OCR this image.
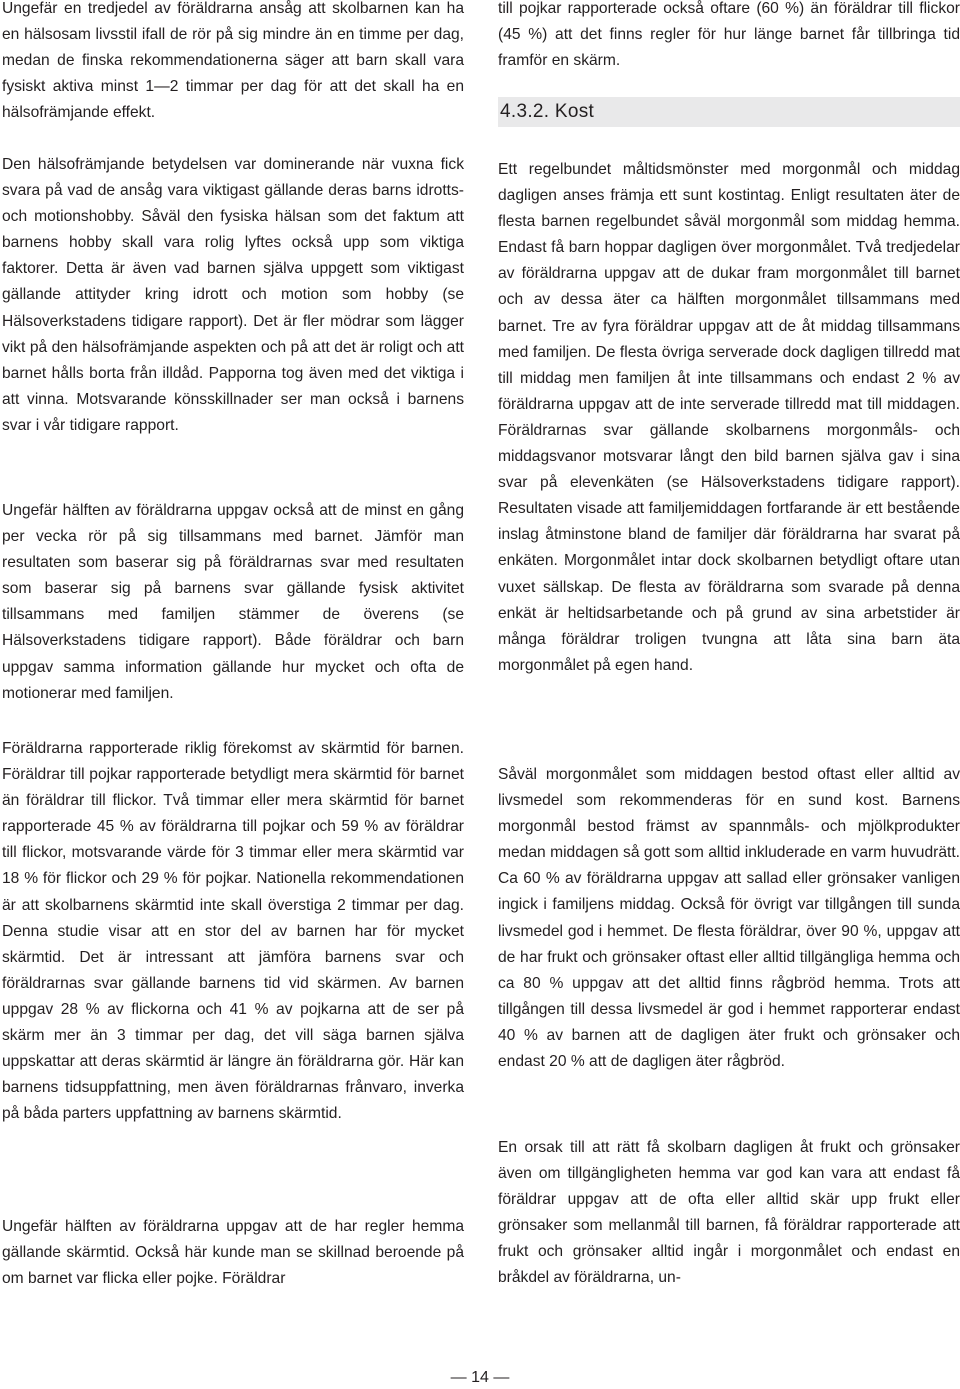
Ungefär en tredjedel av föräldrarna ansåg att skolbarnen kan ha en hälsosam livsstil ifall de rör på sig mindre än en timme per dag, medan de finska rekommendationerna säger att barn skall vara fysiskt aktiva minst 1—2 timmar per dag för att det skall ha en hälsofrämjande effekt.

Den hälsofrämjande betydelsen var dominerande när vuxna fick svara på vad de ansåg vara viktigast gällande deras barns idrotts- och motionshobby. Såväl den fysiska hälsan som det faktum att barnens hobby skall vara rolig lyftes också upp som viktiga faktorer. Detta är även vad barnen själva uppgett som viktigast gällande attityder kring idrott och motion som hobby (se Hälsoverkstadens tidigare rapport). Det är fler mödrar som lägger vikt på den hälsofrämjande aspekten och på att det är roligt och att barnet hålls borta från illdåd. Papporna tog även med det viktiga i att vinna. Motsvarande könsskillnader ser man också i barnens svar i vår tidigare rapport.

Ungefär hälften av föräldrarna uppgav också att de minst en gång per vecka rör på sig tillsammans med barnet. Jämför man resultaten som baserar sig på föräldrarnas svar med resultaten som baserar sig på barnens svar gällande fysisk aktivitet tillsammans med familjen stämmer de överens (se Hälsoverkstadens tidigare rapport). Både föräldrar och barn uppgav samma information gällande hur mycket och ofta de motionerar med familjen.

Föräldrarna rapporterade riklig förekomst av skärmtid för barnen. Föräldrar till pojkar rapporterade betydligt mera skärmtid för barnet än föräldrar till flickor. Två timmar eller mera skärmtid för barnet rapporterade 45 % av föräldrarna till pojkar och 59 % av föräldrar till flickor, motsvarande värde för 3 timmar eller mera skärmtid var 18 % för flickor och 29 % för pojkar. Nationella rekommendationen är att skolbarnens skärmtid inte skall överstiga 2 timmar per dag. Denna studie visar att en stor del av barnen har för mycket skärmtid. Det är intressant att jämföra barnens svar och föräldrarnas svar gällande barnens tid vid skärmen. Av barnen uppgav 28 % av flickorna och 41 % av pojkarna att de ser på skärm mer än 3 timmar per dag, det vill säga barnen själva uppskattar att deras skärmtid är längre än föräldrarna gör. Här kan barnens tidsuppfattning, men även föräldrarnas frånvaro, inverka på båda parters uppfattning av barnens skärmtid.

Ungefär hälften av föräldrarna uppgav att de har regler hemma gällande skärmtid. Också här kunde man se skillnad beroende på om barnet var flicka eller pojke. Föräldrar

till pojkar rapporterade också oftare (60 %) än föräldrar till flickor (45 %) att det finns regler för hur länge barnet får tillbringa tid framför en skärm.

4.3.2. Kost

Ett regelbundet måltidsmönster med morgonmål och middag dagligen anses främja ett sunt kostintag. Enligt resultaten äter de flesta barnen regelbundet såväl morgonmål som middag hemma. Endast få barn hoppar dagligen över morgonmålet. Två tredjedelar av föräldrarna uppgav att de dukar fram morgonmålet till barnet och av dessa äter ca hälften morgonmålet tillsammans med barnet. Tre av fyra föräldrar uppgav att de åt middag tillsammans med familjen. De flesta övriga serverade dock dagligen tillredd mat till middag men familjen åt inte tillsammans och endast 2 % av föräldrarna uppgav att de inte serverade tillredd mat till middagen. Föräldrarnas svar gällande skolbarnens morgonmåls- och middagsvanor motsvarar långt den bild barnen själva gav i sina svar på elevenkäten (se Hälsoverkstadens tidigare rapport). Resultaten visade att familjemiddagen fortfarande är ett bestående inslag åtminstone bland de familjer där föräldrarna har svarat på enkäten. Morgonmålet intar dock skolbarnen betydligt oftare utan vuxet sällskap. De flesta av föräldrarna som svarade på denna enkät är heltidsarbetande och på grund av sina arbetstider är många föräldrar troligen tvungna att låta sina barn äta morgonmålet på egen hand.

Såväl morgonmålet som middagen bestod oftast eller alltid av livsmedel som rekommenderas för en sund kost. Barnens morgonmål bestod främst av spannmåls- och mjölkprodukter medan middagen så gott som alltid inkluderade en varm huvudrätt. Ca 60 % av föräldrarna uppgav att sallad eller grönsaker vanligen ingick i familjens middag. Också för övrigt var tillgången till sunda livsmedel god i hemmet. De flesta föräldrar, över 90 %, uppgav att de har frukt och grönsaker oftast eller alltid tillgängliga hemma och ca 80 % uppgav att det alltid finns rågbröd hemma. Trots att tillgången till dessa livsmedel är god i hemmet rapporterar endast 40 % av barnen att de dagligen äter frukt och grönsaker och endast 20 % att de dagligen äter rågbröd.

En orsak till att rätt få skolbarn dagligen åt frukt och grönsaker även om tillgängligheten hemma var god kan vara att endast få föräldrar uppgav att de ofta eller alltid skär upp frukt eller grönsaker som mellanmål till barnen, få föräldrar rapporterade att frukt och grönsaker alltid ingår i morgonmålet och endast en bråkdel av föräldrarna, un-

— 14 —
